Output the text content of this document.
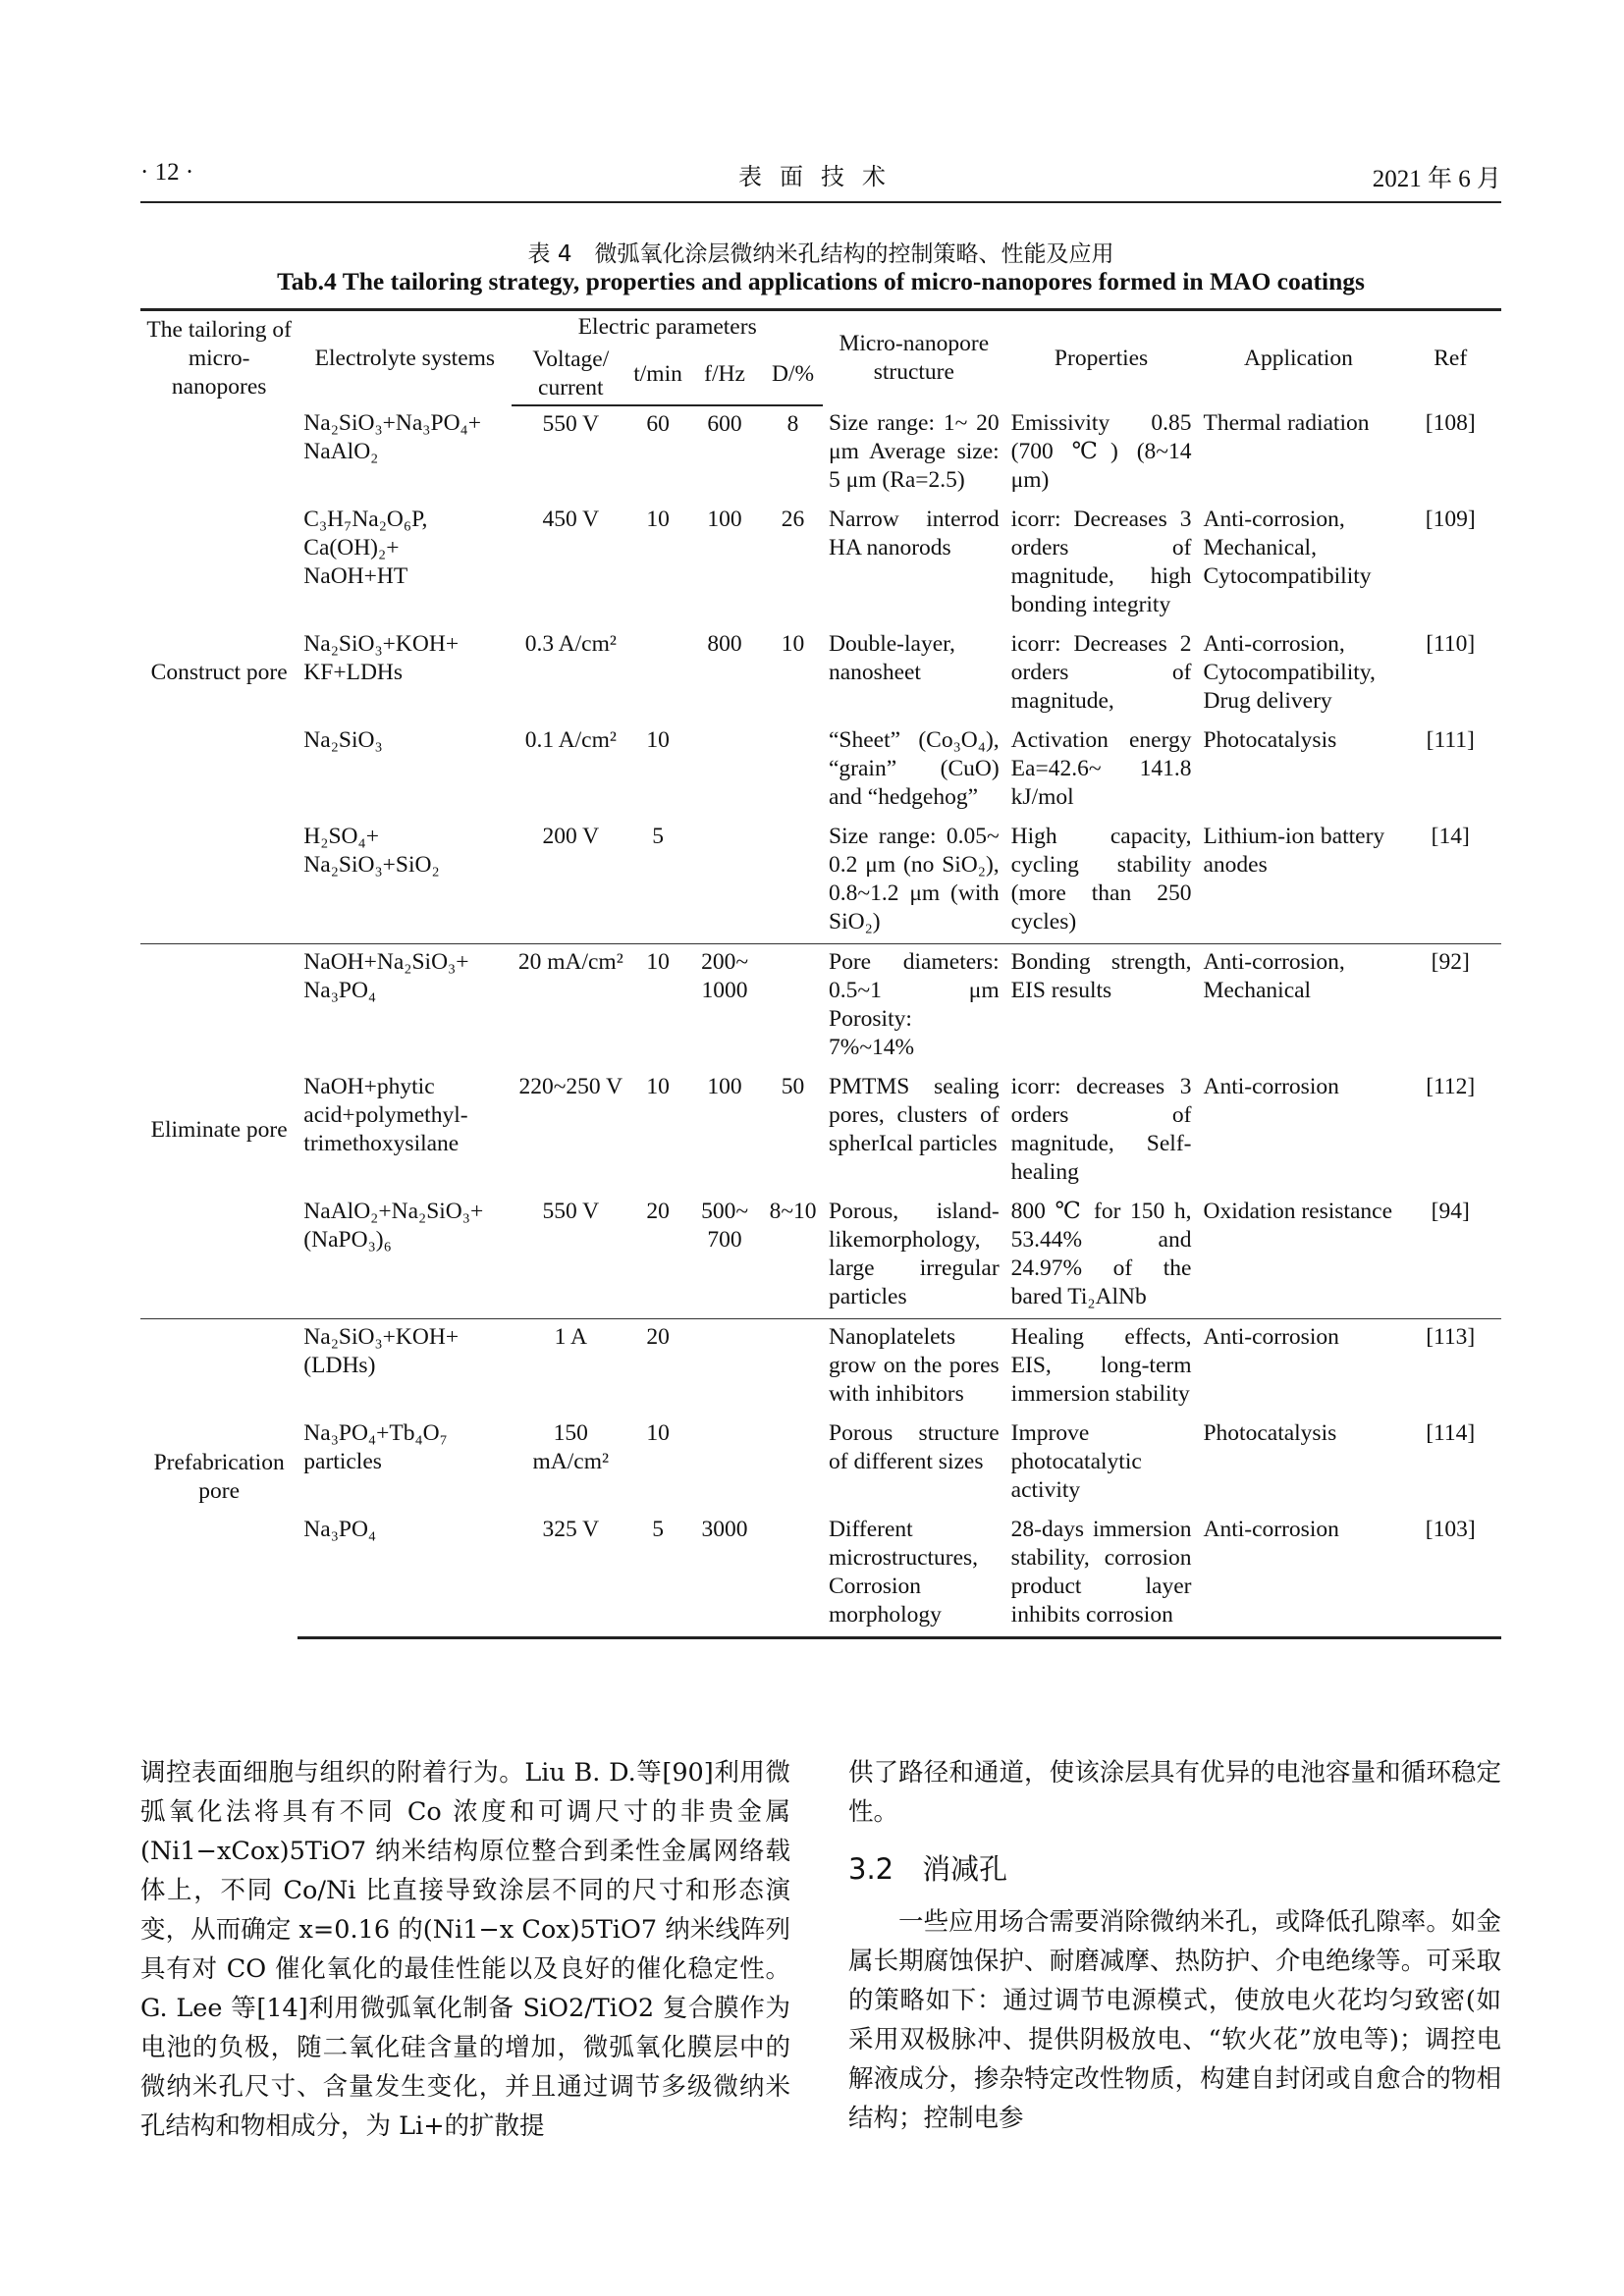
· 12 ·	表面技术	2021 年 6 月
表 4　微弧氧化涂层微纳米孔结构的控制策略、性能及应用
Tab.4 The tailoring strategy, properties and applications of micro-nanopores formed in MAO coatings
The tailoring of micro-nanopores	Electrolyte systems	Electric parameters				Micro-nanopore structure	Properties	Application	Ref
		Voltage/ current	t/min	f/Hz	D/%				
Construct pore	Na₂SiO₃+Na₃PO₄+ NaAlO₂	550 V	60	600	8	Size range: 1~ 20 μm Average size: 5 μm (Ra=2.5)	Emissivity 0.85 (700 ℃) (8~14 μm)	Thermal radiation	[108]
	C₃H₇Na₂O₆P, Ca(OH)₂+ NaOH+HT	450 V	10	100	26	Narrow interrod HA nanorods	icorr: Decreases 3 orders of magnitude, high bonding integrity	Anti-corrosion, Mechanical, Cytocompatibility	[109]
	Na₂SiO₃+KOH+ KF+LDHs	0.3 A/cm²		800	10	Double-layer, nanosheet	icorr: Decreases 2 orders of magnitude,	Anti-corrosion, Cytocompatibility, Drug delivery	[110]
	Na₂SiO₃	0.1 A/cm²	10			“Sheet” (Co₃O₄), “grain” (CuO) and “hedgehog”	Activation energy Ea=42.6~ 141.8 kJ/mol	Photocatalysis	[111]
	H₂SO₄+ Na₂SiO₃+SiO₂	200 V	5			Size range: 0.05~ 0.2 μm (no SiO₂), 0.8~1.2 μm (with SiO₂)	High capacity, cycling stability (more than 250 cycles)	Lithium-ion battery anodes	[14]
Eliminate pore	NaOH+Na₂SiO₃+ Na₃PO₄	20 mA/cm²	10	200~ 1000		Pore diameters: 0.5~1 μm Porosity: 7%~14%	Bonding strength, EIS results	Anti-corrosion, Mechanical	[92]
	NaOH+phytic acid+polymethyl-trimethoxysilane	220~250 V	10	100	50	PMTMS sealing pores, clusters of spherIcal particles	icorr: decreases 3 orders of magnitude, Self-healing	Anti-corrosion	[112]
	NaAlO₂+Na₂SiO₃+ (NaPO₃)₆	550 V	20	500~ 700	8~10	Porous, island-likemorphology, large irregular particles	800 ℃ for 150 h, 53.44% and 24.97% of the bared Ti₂AlNb	Oxidation resistance	[94]
Prefabrication pore	Na₂SiO₃+KOH+ (LDHs)	1 A	20			Nanoplatelets grow on the pores with inhibitors	Healing effects, EIS, long-term immersion stability	Anti-corrosion	[113]
	Na₃PO₄+Tb₄O₇ particles	150 mA/cm²	10			Porous structure of different sizes	Improve photocatalytic activity	Photocatalysis	[114]
	Na₃PO₄	325 V	5	3000		Different microstructures, Corrosion morphology	28-days immersion stability, corrosion product layer inhibits corrosion	Anti-corrosion	[103]
调控表面细胞与组织的附着行为。Liu B. D.等[90]利用微弧氧化法将具有不同 Co 浓度和可调尺寸的非贵金属(Ni1−xCox)5TiO7 纳米结构原位整合到柔性金属网络载体上，不同 Co/Ni 比直接导致涂层不同的尺寸和形态演变，从而确定 x=0.16 的(Ni1−x Cox)5TiO7 纳米线阵列具有对 CO 催化氧化的最佳性能以及良好的催化稳定性。G. Lee 等[14]利用微弧氧化制备 SiO2/TiO2 复合膜作为电池的负极，随二氧化硅含量的增加，微弧氧化膜层中的微纳米孔尺寸、含量发生变化，并且通过调节多级微纳米孔结构和物相成分，为 Li+的扩散提
供了路径和通道，使该涂层具有优异的电池容量和循环稳定性。
3.2　消减孔
一些应用场合需要消除微纳米孔，或降低孔隙率。如金属长期腐蚀保护、耐磨减摩、热防护、介电绝缘等。可采取的策略如下：通过调节电源模式，使放电火花均匀致密(如采用双极脉冲、提供阴极放电、“软火花”放电等)；调控电解液成分，掺杂特定改性物质，构建自封闭或自愈合的物相结构；控制电参
